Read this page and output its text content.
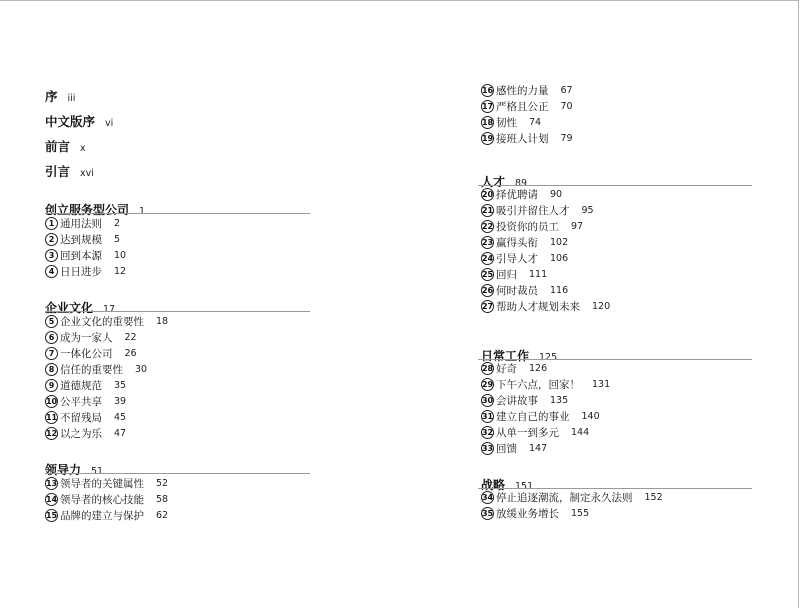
序 iii
中文版序 vi
前言 x
引言 xvi
创立服务型公司 1
1 通用法则 2
2 达到规模 5
3 回到本源 10
4 日日进步 12
企业文化 17
5 企业文化的重要性 18
6 成为一家人 22
7 一体化公司 26
8 信任的重要性 30
9 道德规范 35
10 公平共享 39
11 不留残局 45
12 以之为乐 47
领导力 51
13 领导者的关键属性 52
14 领导者的核心技能 58
15 品牌的建立与保护 62
16 感性的力量 67
17 严格且公正 70
18 韧性 74
19 接班人计划 79
人才 89
20 择优聘请 90
21 吸引并留住人才 95
22 投资你的员工 97
23 赢得头衔 102
24 引导人才 106
25 回归 111
26 何时裁员 116
27 帮助人才规划未来 120
日常工作 125
28 好奇 126
29 下午六点，回家！ 131
30 会讲故事 135
31 建立自己的事业 140
32 从单一到多元 144
33 回馈 147
战略 151
34 停止追逐潮流，制定永久法则 152
35 放缓业务增长 155
